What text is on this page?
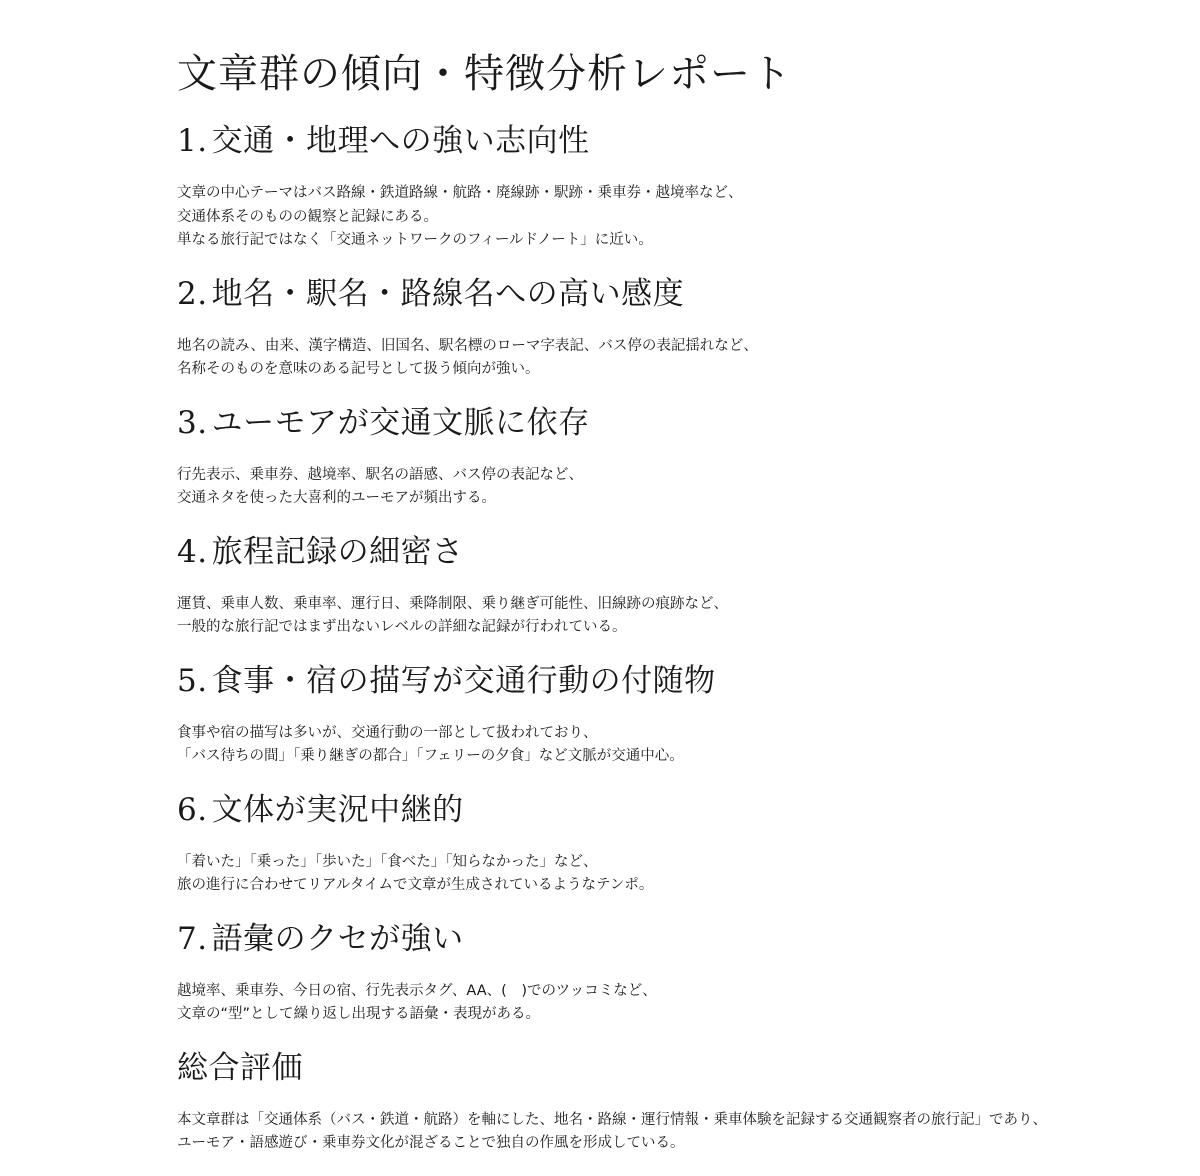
文章群の傾向・特徴分析レポート
1. 交通・地理への強い志向性

文章の中心テーマはバス路線・鉄道路線・航路・廃線跡・駅跡・乗車券・越境率など、
交通体系そのものの観察と記録にある。
単なる旅行記ではなく「交通ネットワークのフィールドノート」に近い。

2. 地名・駅名・路線名への高い感度

地名の読み、由来、漢字構造、旧国名、駅名標のローマ字表記、バス停の表記揺れなど、
名称そのものを意味のある記号として扱う傾向が強い。

3. ユーモアが交通文脈に依存

行先表示、乗車券、越境率、駅名の語感、バス停の表記など、
交通ネタを使った大喜利的ユーモアが頻出する。

4. 旅程記録の細密さ

運賃、乗車人数、乗車率、運行日、乗降制限、乗り継ぎ可能性、旧線跡の痕跡など、
一般的な旅行記ではまず出ないレベルの詳細な記録が行われている。

5. 食事・宿の描写が交通行動の付随物

食事や宿の描写は多いが、交通行動の一部として扱われており、
「バス待ちの間」「乗り継ぎの都合」「フェリーの夕食」など文脈が交通中心。

6. 文体が実況中継的

「着いた」「乗った」「歩いた」「食べた」「知らなかった」など、
旅の進行に合わせてリアルタイムで文章が生成されているようなテンポ。

7. 語彙のクセが強い

越境率、乗車券、今日の宿、行先表示タグ、AA、(　)でのツッコミなど、
文章の“型”として繰り返し出現する語彙・表現がある。

総合評価

本文章群は「交通体系（バス・鉄道・航路）を軸にした、地名・路線・運行情報・乗車体験を記録する交通観察者の旅行記」であり、
ユーモア・語感遊び・乗車券文化が混ざることで独自の作風を形成している。
